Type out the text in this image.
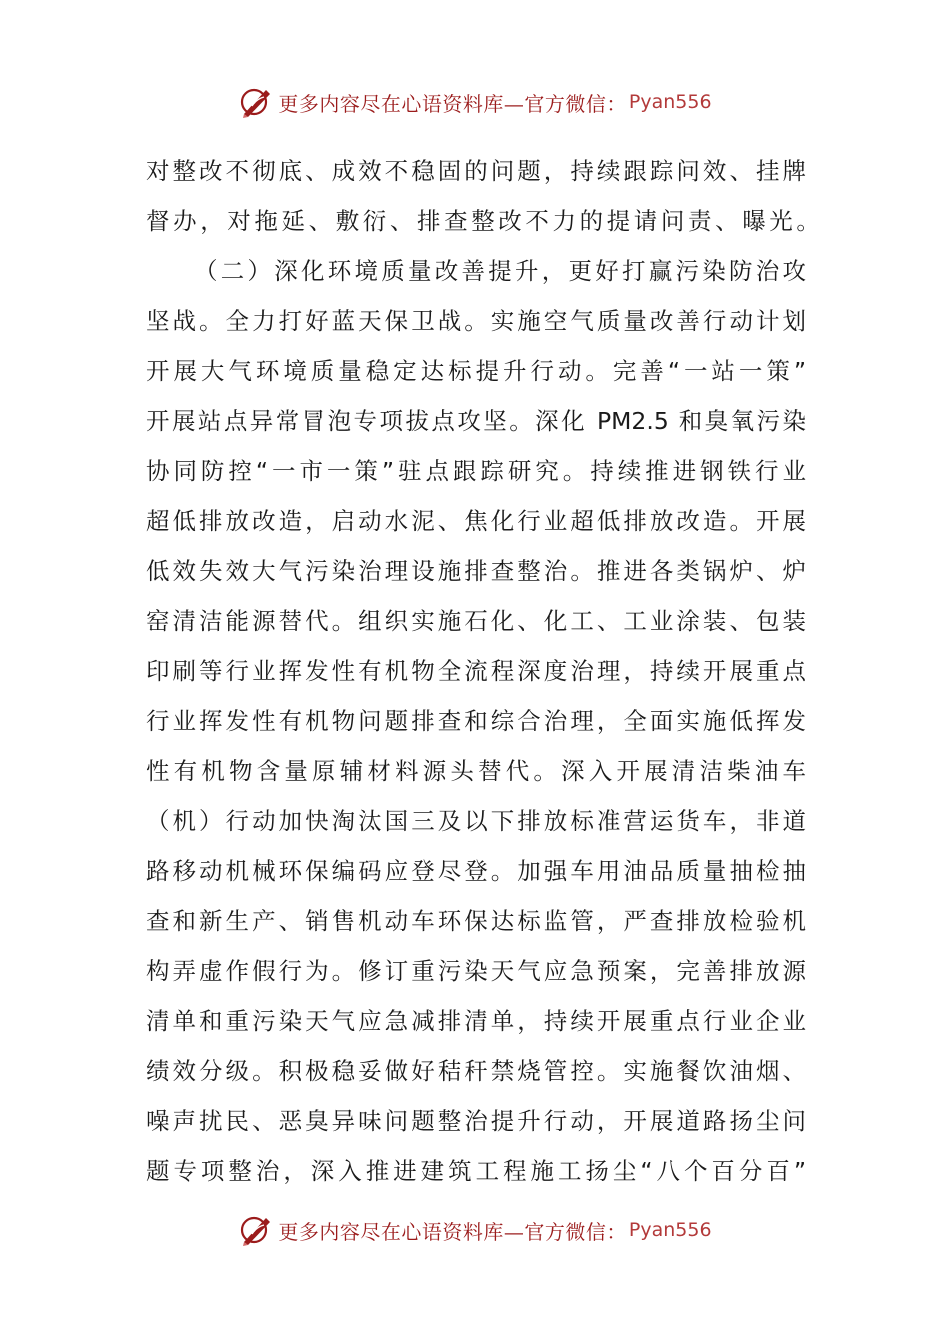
更多内容尽在心语资料库—官方微信： Pyan556
对整改不彻底、成效不稳固的问题，持续跟踪问效、挂牌
督办，对拖延、敷衍、排查整改不力的提请问责、曝光。
（二）深化环境质量改善提升，更好打赢污染防治攻
坚战。全力打好蓝天保卫战。实施空气质量改善行动计划
开展大气环境质量稳定达标提升行动。完善“一站一策”
开展站点异常冒泡专项拔点攻坚。深化 PM2.5 和臭氧污染
协同防控“一市一策”驻点跟踪研究。持续推进钢铁行业
超低排放改造，启动水泥、焦化行业超低排放改造。开展
低效失效大气污染治理设施排查整治。推进各类锅炉、炉
窑清洁能源替代。组织实施石化、化工、工业涂装、包装
印刷等行业挥发性有机物全流程深度治理，持续开展重点
行业挥发性有机物问题排查和综合治理，全面实施低挥发
性有机物含量原辅材料源头替代。深入开展清洁柴油车
（机）行动加快淘汰国三及以下排放标准营运货车，非道
路移动机械环保编码应登尽登。加强车用油品质量抽检抽
查和新生产、销售机动车环保达标监管，严查排放检验机
构弄虚作假行为。修订重污染天气应急预案，完善排放源
清单和重污染天气应急减排清单，持续开展重点行业企业
绩效分级。积极稳妥做好秸秆禁烧管控。实施餐饮油烟、
噪声扰民、恶臭异味问题整治提升行动，开展道路扬尘问
题专项整治，深入推进建筑工程施工扬尘“八个百分百”
更多内容尽在心语资料库—官方微信： Pyan556
